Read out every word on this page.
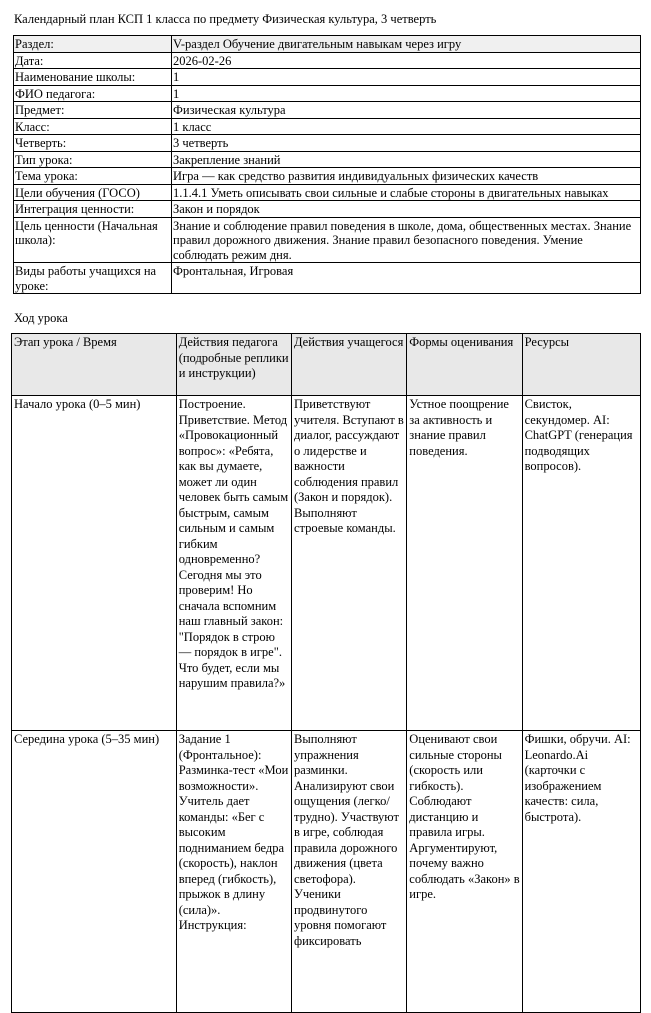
Календарный план КСП 1 класса по предмету Физическая культура, 3 четверть
Раздел:	V-раздел Обучение двигательным навыкам через игру
Дата:	2026-02-26
Наименование школы:	1
ФИО педагога:	1
Предмет:	Физическая культура
Класс:	1 класс
Четверть:	3 четверть
Тип урока:	Закрепление знаний
Тема урока:	Игра — как средство развития индивидуальных физических качеств
Цели обучения (ГОСО)	1.1.4.1 Уметь описывать свои сильные и слабые стороны в двигательных навыках
Интеграция ценности:	Закон и порядок
Цель ценности (Начальная школа):	Знание и соблюдение правил поведения в школе, дома, общественных местах. Знание правил дорожного движения. Знание правил безопасного поведения. Умение соблюдать режим дня.
Виды работы учащихся на уроке:	Фронтальная, Игровая
Ход урока
Этап урока / Время	Действия педагога (подробные реплики и инструкции)	Действия учащегося	Формы оценивания	Ресурсы
Начало урока (0–5 мин)	Построение. Приветствие. Метод «Провокационный вопрос»: «Ребята, как вы думаете, может ли один человек быть самым быстрым, самым сильным и самым гибким одновременно? Сегодня мы это проверим! Но сначала вспомним наш главный закон: "Порядок в строю — порядок в игре". Что будет, если мы нарушим правила?»	Приветствуют учителя. Вступают в диалог, рассуждают о лидерстве и важности соблюдения правил (Закон и порядок). Выполняют строевые команды.	Устное поощрение за активность и знание правил поведения.	Свисток, секундомер. AI: ChatGPT (генерация подводящих вопросов).
Середина урока (5–35 мин)	Задание 1 (Фронтальное): Разминка-тест «Мои возможности». Учитель дает команды: «Бег с высоким подниманием бедра (скорость), наклон вперед (гибкость), прыжок в длину (сила)». Инструкция:	Выполняют упражнения разминки. Анализируют свои ощущения (легко/трудно). Участвуют в игре, соблюдая правила дорожного движения (цвета светофора). Ученики продвинутого уровня помогают фиксировать	Оценивают свои сильные стороны (скорость или гибкость). Соблюдают дистанцию и правила игры. Аргументируют, почему важно соблюдать «Закон» в игре.	Фишки, обручи. AI: Leonardo.Ai (карточки с изображением качеств: сила, быстрота).
